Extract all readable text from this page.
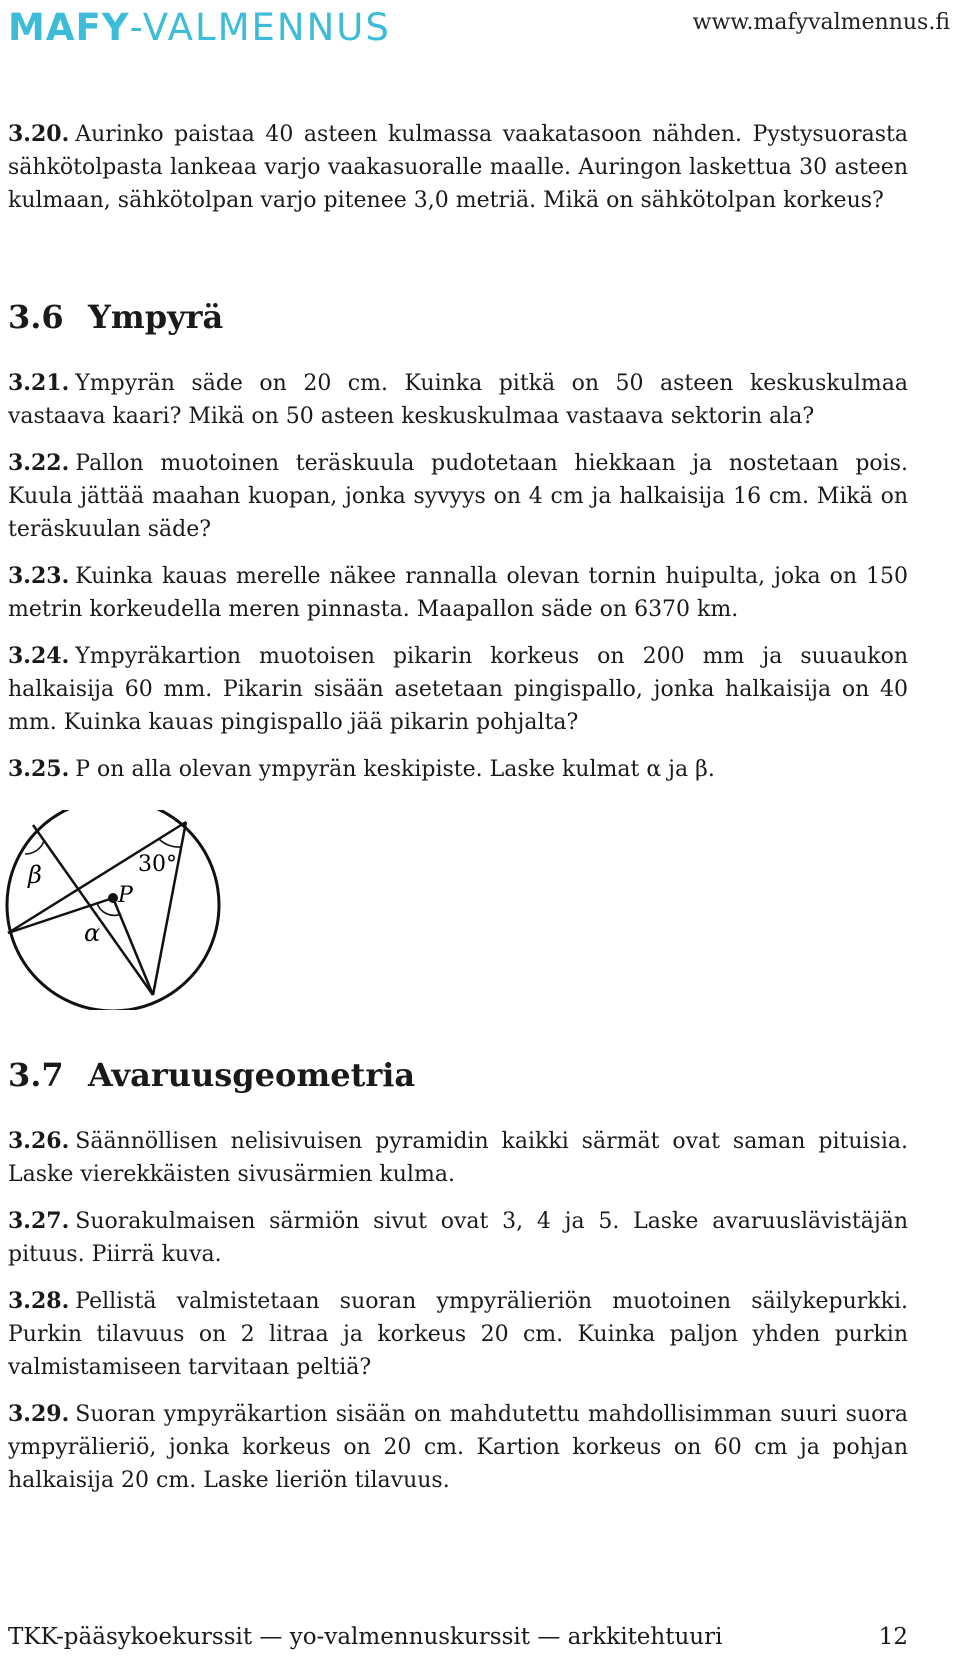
MAFY-VALMENNUS	www.mafyvalmennus.fi

3.20. Aurinko paistaa 40 asteen kulmassa vaakatasoon nähden. Pystysuorasta sähkötolpasta lankeaa varjo vaakasuoralle maalle. Auringon laskettua 30 asteen kulmaan, sähkötolpan varjo pitenee 3,0 metriä. Mikä on sähkötolpan korkeus?

3.6 Ympyrä

3.21. Ympyrän säde on 20 cm. Kuinka pitkä on 50 asteen keskuskulmaa vastaava kaari? Mikä on 50 asteen keskuskulmaa vastaava sektorin ala?

3.22. Pallon muotoinen teräskuula pudotetaan hiekkaan ja nostetaan pois. Kuula jättää maahan kuopan, jonka syvyys on 4 cm ja halkaisija 16 cm. Mikä on teräskuulan säde?

3.23. Kuinka kauas merelle näkee rannalla olevan tornin huipulta, joka on 150 metrin korkeudella meren pinnasta. Maapallon säde on 6370 km.

3.24. Ympyräkartion muotoisen pikarin korkeus on 200 mm ja suuaukon halkaisija 60 mm. Pikarin sisään asetetaan pingispallo, jonka halkaisija on 40 mm. Kuinka kauas pingispallo jää pikarin pohjalta?

3.25. P on alla olevan ympyrän keskipiste. Laske kulmat α ja β.

β
α
P
30°
3.7 Avaruusgeometria

3.26. Säännöllisen nelisivuisen pyramidin kaikki särmät ovat saman pituisia. Laske vierekkäisten sivusärmien kulma.

3.27. Suorakulmaisen särmiön sivut ovat 3, 4 ja 5. Laske avaruuslävistäjän pituus. Piirrä kuva.

3.28. Pellistä valmistetaan suoran ympyrälieriön muotoinen säilykepurkki. Purkin tilavuus on 2 litraa ja korkeus 20 cm. Kuinka paljon yhden purkin valmistamiseen tarvitaan peltiä?

3.29. Suoran ympyräkartion sisään on mahdutettu mahdollisimman suuri suora ympyrälieriö, jonka korkeus on 20 cm. Kartion korkeus on 60 cm ja pohjan halkaisija 20 cm. Laske lieriön tilavuus.

TKK-pääsykoekurssit — yo-valmennuskurssit — arkkitehtuuri	12
